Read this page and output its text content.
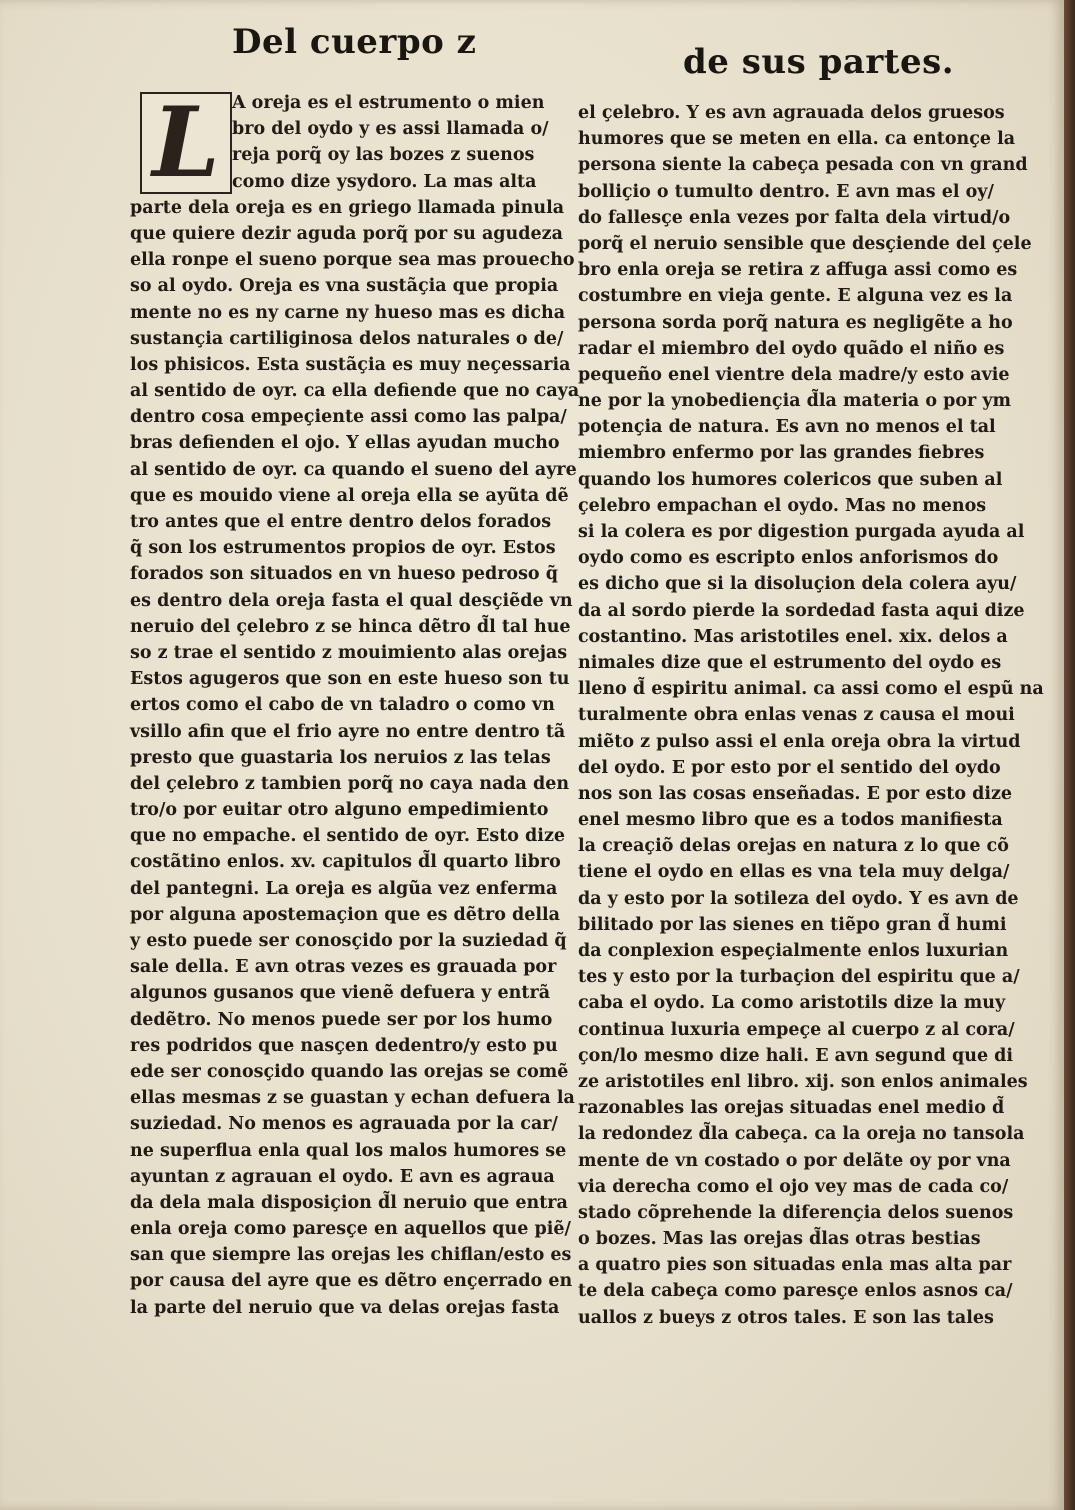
Del cuerpo z	de sus partes.
L A oreja es el estrumento o mien
bro del oydo y es assi llamada o/
reja porq̃ oy las bozes z suenos
como dize ysydoro. La mas alta
parte dela oreja es en griego llamada pinula
que quiere dezir aguda porq̃ por su agudeza
ella ronpe el sueno porque sea mas prouecho
so al oydo. Oreja es vna sustãçia que propia
mente no es ny carne ny hueso mas es dicha
sustançia cartiliginosa delos naturales o de/
los phisicos. Esta sustãçia es muy neçessaria
al sentido de oyr. ca ella defiende que no caya
dentro cosa empeçiente assi como las palpa/
bras defienden el ojo. Y ellas ayudan mucho
al sentido de oyr. ca quando el sueno del ayre
que es mouido viene al oreja ella se ayũta dẽ
tro antes que el entre dentro delos forados
q̃ son los estrumentos propios de oyr. Estos
forados son situados en vn hueso pedroso q̃
es dentro dela oreja fasta el qual desçiẽde vn
neruio del çelebro z se hinca dẽtro d̃l tal hue
so z trae el sentido z mouimiento alas orejas
Estos agugeros que son en este hueso son tu
ertos como el cabo de vn taladro o como vn
vsillo afin que el frio ayre no entre dentro tã
presto que guastaria los neruios z las telas
del çelebro z tambien porq̃ no caya nada den
tro/o por euitar otro alguno empedimiento
que no empache. el sentido de oyr. Esto dize
costãtino enlos. xv. capitulos d̃l quarto libro
del pantegni. La oreja es algũa vez enferma
por alguna apostemaçion que es dẽtro della
y esto puede ser conosçido por la suziedad q̃
sale della. E avn otras vezes es grauada por
algunos gusanos que vienẽ defuera y entrã
dedẽtro. No menos puede ser por los humo
res podridos que nasçen dedentro/y esto pu
ede ser conosçido quando las orejas se comẽ
ellas mesmas z se guastan y echan defuera la
suziedad. No menos es agrauada por la car/
ne superflua enla qual los malos humores se
ayuntan z agrauan el oydo. E avn es agraua
da dela mala disposiçion d̃l neruio que entra
enla oreja como paresçe en aquellos que piẽ/
san que siempre las orejas les chiflan/esto es
por causa del ayre que es dẽtro ençerrado en
la parte del neruio que va delas orejas fasta
el çelebro. Y es avn agrauada delos gruesos
humores que se meten en ella. ca entonçe la
persona siente la cabeça pesada con vn grand
bolliçio o tumulto dentro. E avn mas el oy/
do fallesçe enla vezes por falta dela virtud/o
porq̃ el neruio sensible que desçiende del çele
bro enla oreja se retira z affuga assi como es
costumbre en vieja gente. E alguna vez es la
persona sorda porq̃ natura es negligẽte a ho
radar el miembro del oydo quãdo el niño es
pequeño enel vientre dela madre/y esto avie
ne por la ynobediençia d̃la materia o por ym
potençia de natura. Es avn no menos el tal
miembro enfermo por las grandes fiebres
quando los humores colericos que suben al
çelebro empachan el oydo. Mas no menos
si la colera es por digestion purgada ayuda al
oydo como es escripto enlos anforismos do
es dicho que si la disoluçion dela colera ayu/
da al sordo pierde la sordedad fasta aqui dize
costantino. Mas aristotiles enel. xix. delos a
nimales dize que el estrumento del oydo es
lleno d̃ espiritu animal. ca assi como el espũ na
turalmente obra enlas venas z causa el moui
miẽto z pulso assi el enla oreja obra la virtud
del oydo. E por esto por el sentido del oydo
nos son las cosas enseñadas. E por esto dize
enel mesmo libro que es a todos manifiesta
la creaçiõ delas orejas en natura z lo que cõ
tiene el oydo en ellas es vna tela muy delga/
da y esto por la sotileza del oydo. Y es avn de
bilitado por las sienes en tiẽpo gran d̃ humi
da conplexion espeçialmente enlos luxurian
tes y esto por la turbaçion del espiritu que a/
caba el oydo. La como aristotils dize la muy
continua luxuria empeçe al cuerpo z al cora/
çon/lo mesmo dize hali. E avn segund que di
ze aristotiles enl libro. xij. son enlos animales
razonables las orejas situadas enel medio d̃
la redondez d̃la cabeça. ca la oreja no tansola
mente de vn costado o por delãte oy por vna
via derecha como el ojo vey mas de cada co/
stado cõprehende la diferençia delos suenos
o bozes. Mas las orejas d̃las otras bestias
a quatro pies son situadas enla mas alta par
te dela cabeça como paresçe enlos asnos ca/
uallos z bueys z otros tales. E son las tales
